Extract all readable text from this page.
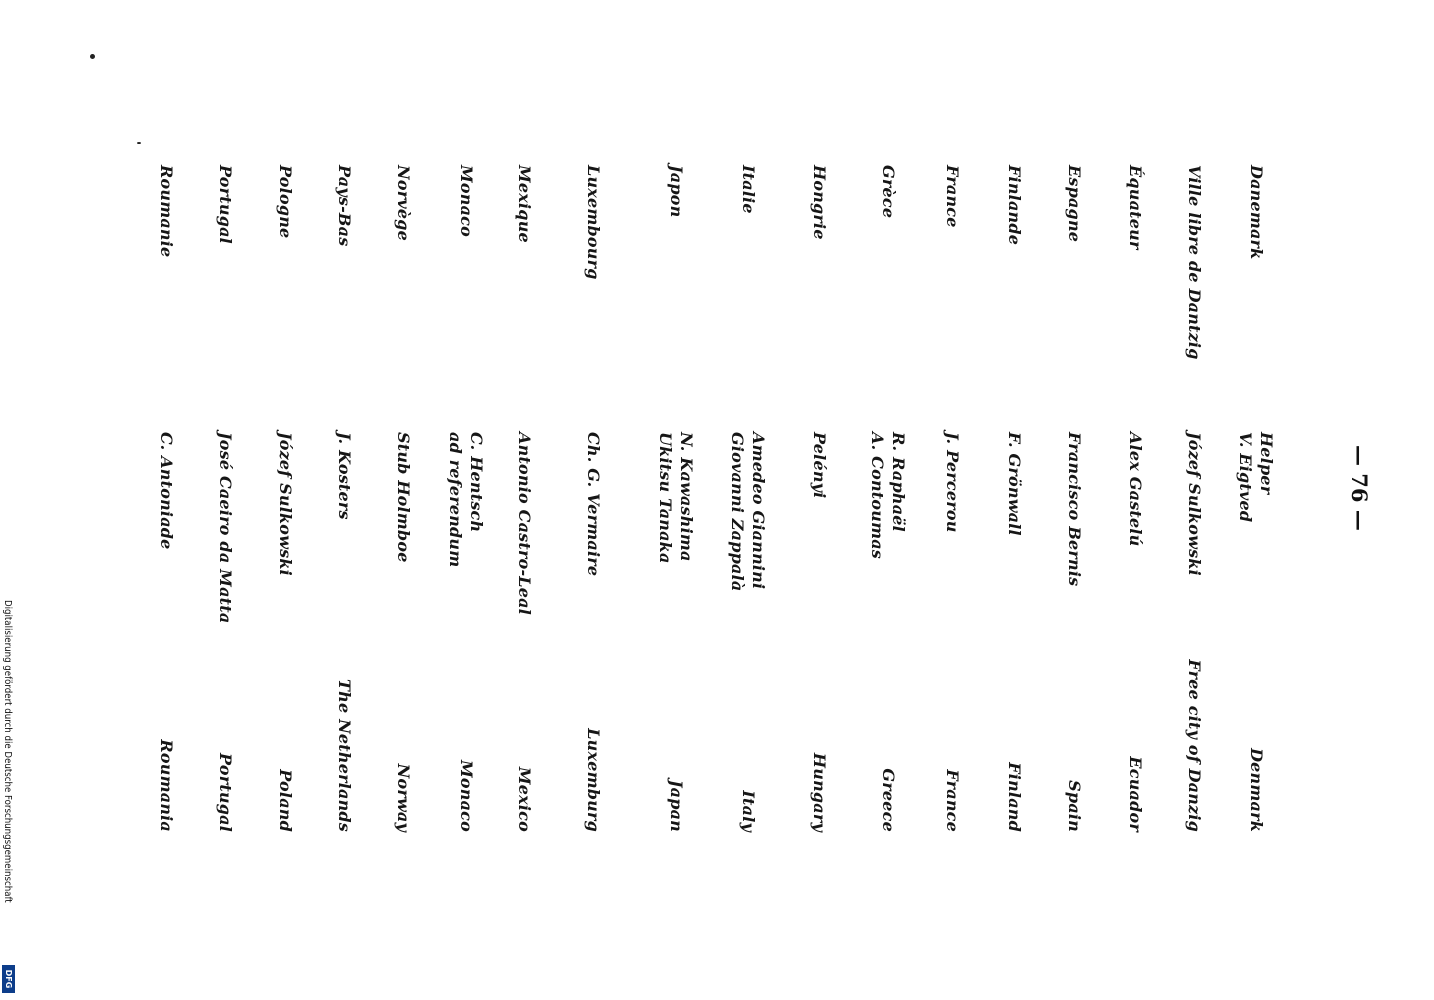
— 76 —
Danemark
Helper
V. Eigtved
Denmark
Ville libre de Dantzig
Józef Sulkowski
Free city of Danzig
Équateur
Alex Gastelú
Ecuador
Espagne
Francisco Bernis
Spain
Finlande
F. Grönwall
Finland
France
J. Percerou
France
Grèce
R. Raphaël
A. Contoumas
Greece
Hongrie
Pelényi
Hungary
Italie
Amedeo Giannini
Giovanni Zappalà
Italy
Japon
N. Kawashima
Ukitsu Tanaka
Japan
Luxembourg
Ch. G. Vermaire
Luxemburg
Mexique
Antonio Castro-Leal
Mexico
Monaco
C. Hentsch
ad referendum
Monaco
Norvège
Stub Holmboe
Norway
Pays-Bas
J. Kosters
The Netherlands
Pologne
Józef Sulkowski
Poland
Portugal
José Caeiro da Matta
Portugal
Roumanie
C. Antoniade
Roumania
Digitalisierung gefördert durch die Deutsche Forschungsgemeinschaft
DFG
